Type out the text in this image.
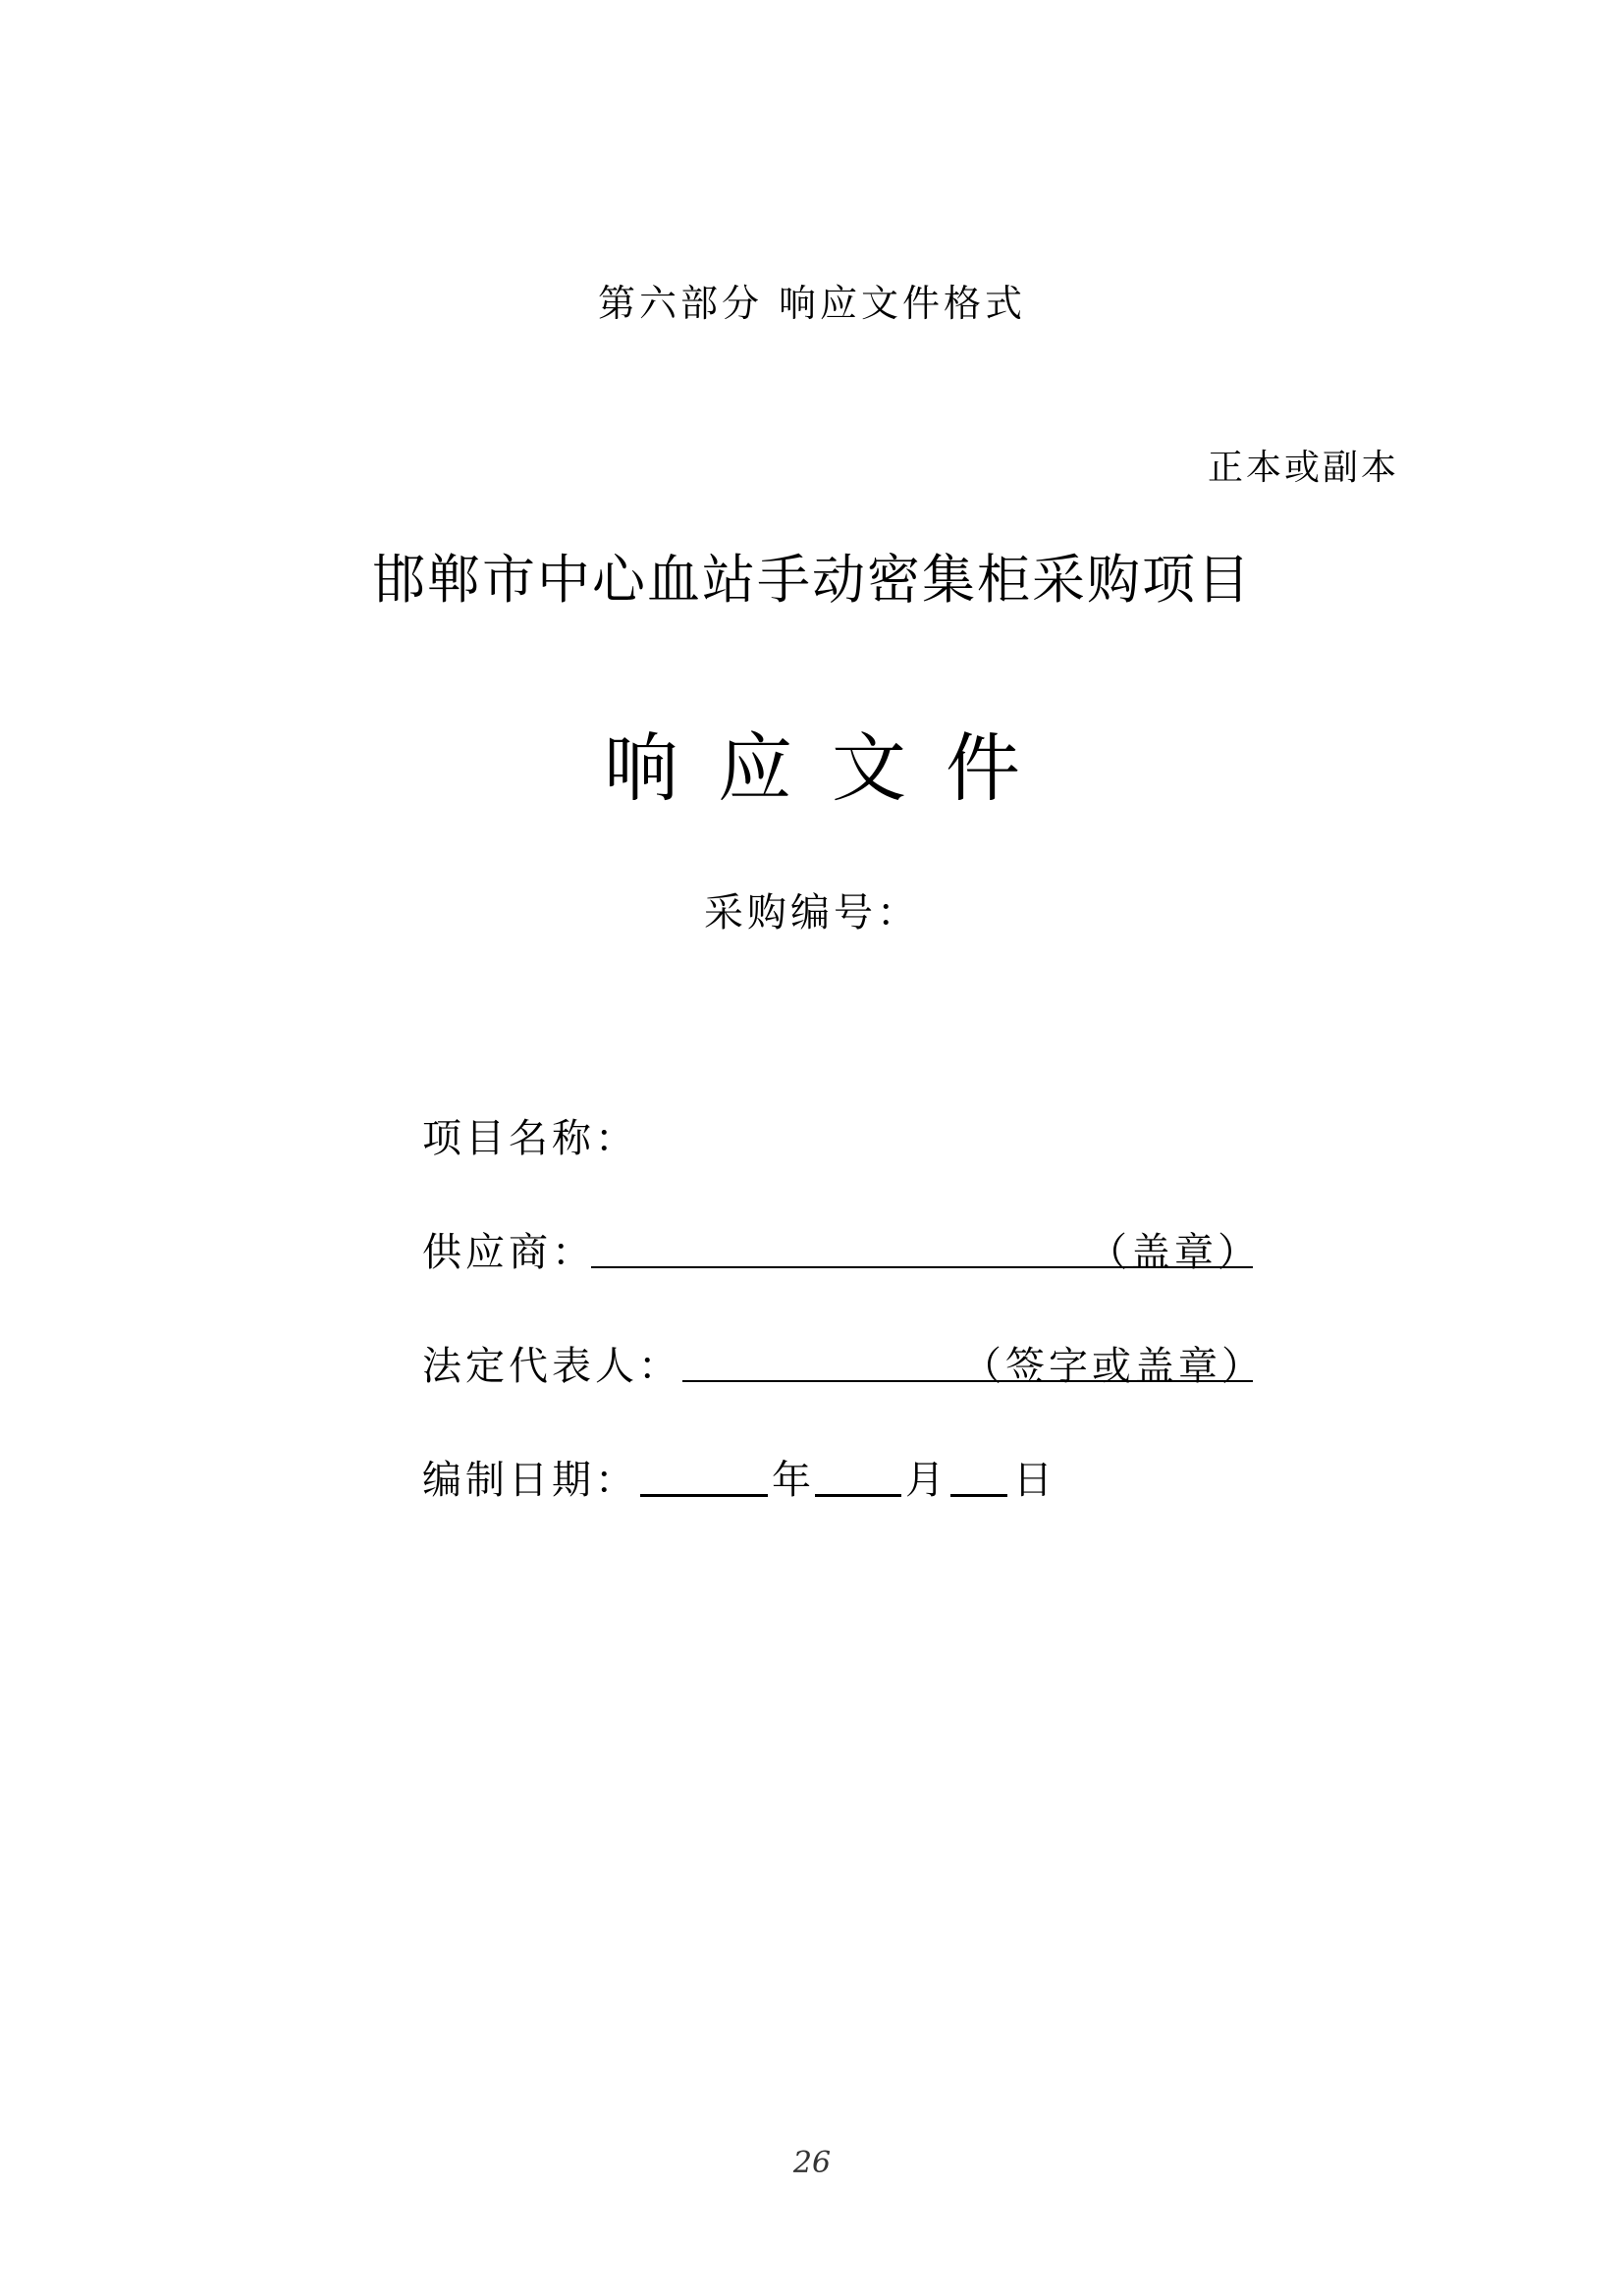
第六部分 响应文件格式
正本或副本
邯郸市中心血站手动密集柜采购项目
响应文件
采购编号：
项目名称：
供应商：	（盖章）
法定代表人：	（签字或盖章）
编制日期：	年 月 日
26
